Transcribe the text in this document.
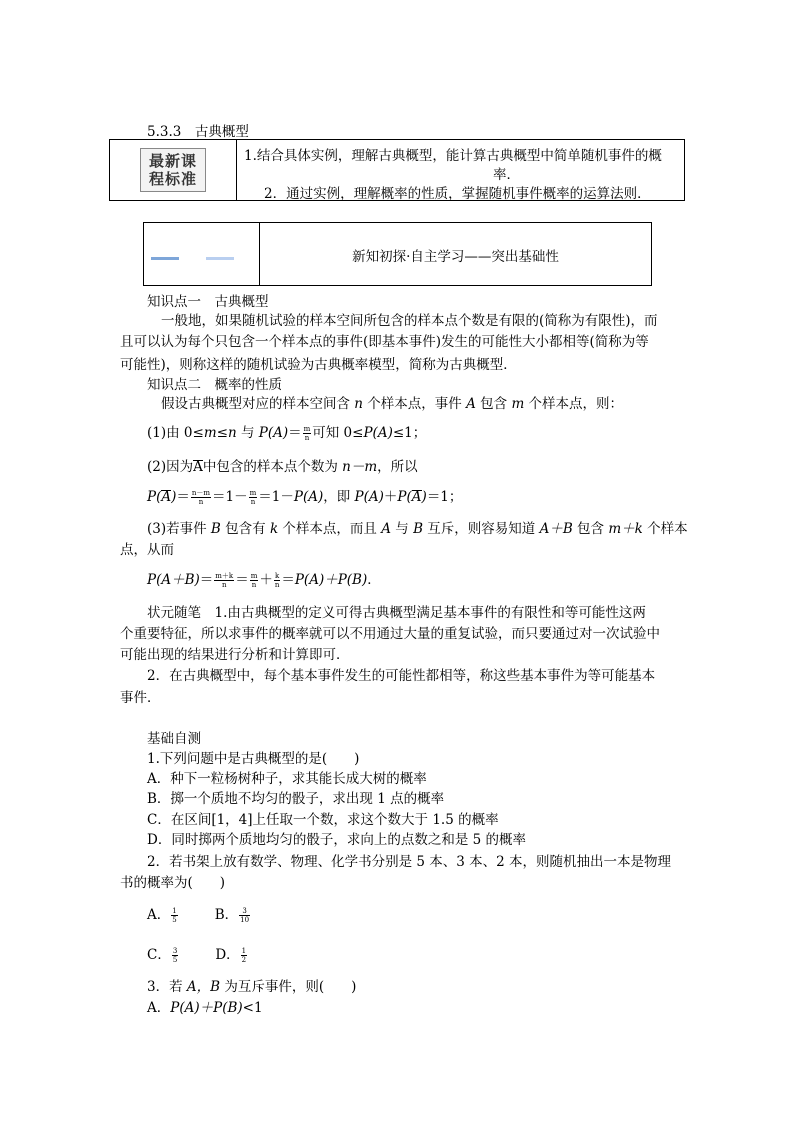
5.3.3　古典概型
最新课
程标准	
1.结合具体实例，理解古典概型，能计算古典概型中简单随机事件的概
率．
2．通过实例，理解概率的性质，掌握随机事件概率的运算法则．
新知初探·自主学习——突出基础性
知识点一　古典概型
一般地，如果随机试验的样本空间所包含的样本点个数是有限的(简称为有限性)，而
且可以认为每个只包含一个样本点的事件(即基本事件)发生的可能性大小都相等(简称为等
可能性)，则称这样的随机试验为古典概率模型，简称为古典概型．
知识点二　概率的性质
假设古典概型对应的样本空间含 n 个样本点，事件 A 包含 m 个样本点，则：
(1)由 0≤m≤n 与 $P(A)= \frac{m}{n}$ 可知 0≤P(A)≤1；
(2)因为A中包含的样本点个数为 n－m，所以
$P(A)= \frac{n-m}{n} =1- \frac{m}{n} =1-P(A)$，即 P(A)＋P(A)＝1；
(3)若事件 B 包含有 k 个样本点，而且 A 与 B 互斥，则容易知道 A＋B 包含 m＋k 个样本
点，从而
$P(A+B)= \frac{m+k}{n} = \frac{m}{n} + \frac{k}{n} =P(A)+P(B)$．
状元随笔　1.由古典概型的定义可得古典概型满足基本事件的有限性和等可能性这两
个重要特征，所以求事件的概率就可以不用通过大量的重复试验，而只要通过对一次试验中
可能出现的结果进行分析和计算即可．
2．在古典概型中，每个基本事件发生的可能性都相等，称这些基本事件为等可能基本
事件．
基础自测
1.下列问题中是古典概型的是(　　)
A．种下一粒杨树种子，求其能长成大树的概率
B．掷一个质地不均匀的骰子，求出现 1 点的概率
C．在区间[1，4]上任取一个数，求这个数大于 1.5 的概率
D．同时掷两个质地均匀的骰子，求向上的点数之和是 5 的概率
2．若书架上放有数学、物理、化学书分别是 5 本、3 本、2 本，则随机抽出一本是物理
书的概率为(　　)
A． $\frac{1}{5}$	B． $\frac{3}{10}$
C． $\frac{3}{5}$	D． $\frac{1}{2}$
3．若 A，B 为互斥事件，则(　　)
A．P(A)＋P(B)<1
